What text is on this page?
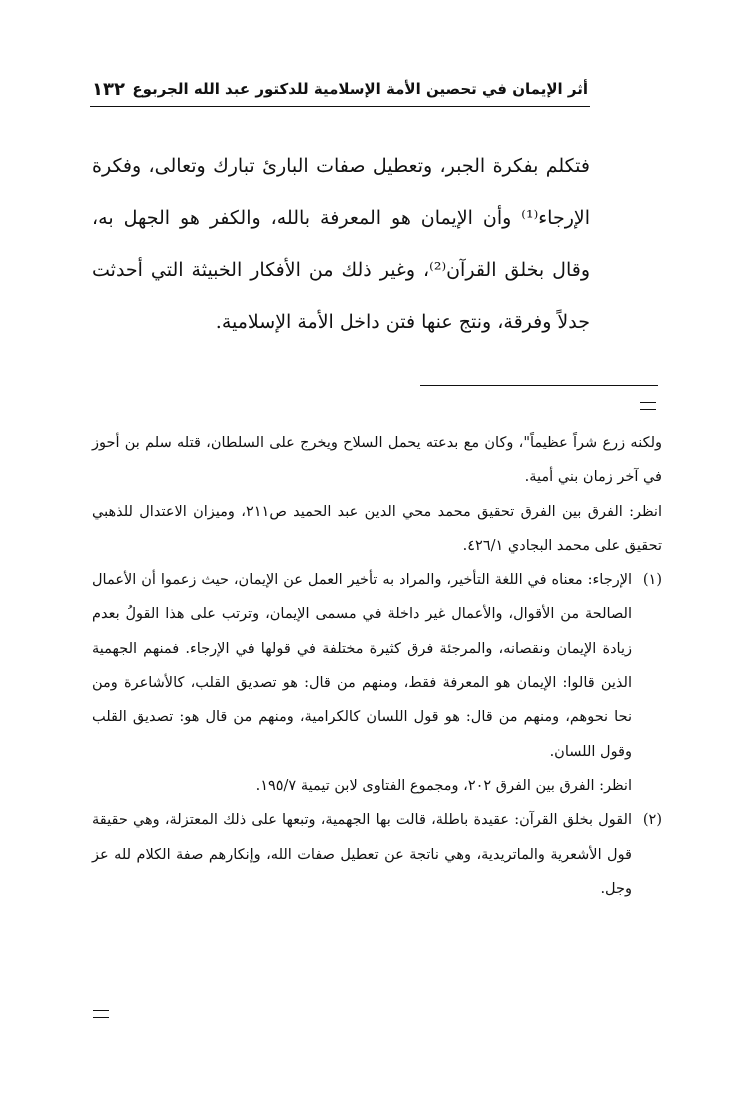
أثر الإيمان في تحصين الأمة الإسلامية للدكتور عبد الله الجربوع
١٣٢
فتكلم بفكرة الجبر، وتعطيل صفات البارئ تبارك وتعالى، وفكرة الإرجاء⁽¹⁾ وأن الإيمان هو المعرفة بالله، والكفر هو الجهل به، وقال بخلق القرآن⁽²⁾، وغير ذلك من الأفكار الخبيثة التي أحدثت جدلاً وفرقة، ونتج عنها فتن داخل الأمة الإسلامية.

ولكنه زرع شراً عظيماً"، وكان مع بدعته يحمل السلاح ويخرج على السلطان، قتله سلم بن أحوز في آخر زمان بني أمية.

انظر: الفرق بين الفرق تحقيق محمد محي الدين عبد الحميد ص٢١١، وميزان الاعتدال للذهبي تحقيق على محمد البجادي ٤٢٦/١.

(١)

الإرجاء: معناه في اللغة التأخير، والمراد به تأخير العمل عن الإيمان، حيث زعموا أن الأعمال الصالحة من الأقوال، والأعمال غير داخلة في مسمى الإيمان، وترتب على هذا القولُ بعدم زيادة الإيمان ونقصانه، والمرجئة فرق كثيرة مختلفة في قولها في الإرجاء. فمنهم الجهمية الذين قالوا: الإيمان هو المعرفة فقط، ومنهم من قال: هو تصديق القلب، كالأشاعرة ومن نحا نحوهم، ومنهم من قال: هو قول اللسان كالكرامية، ومنهم من قال هو: تصديق القلب وقول اللسان.

انظر: الفرق بين الفرق ٢٠٢، ومجموع الفتاوى لابن تيمية ١٩٥/٧.

(٢)

القول بخلق القرآن: عقيدة باطلة، قالت بها الجهمية، وتبعها على ذلك المعتزلة، وهي حقيقة قول الأشعرية والماتريدية، وهي ناتجة عن تعطيل صفات الله، وإنكارهم صفة الكلام لله عز وجل.
